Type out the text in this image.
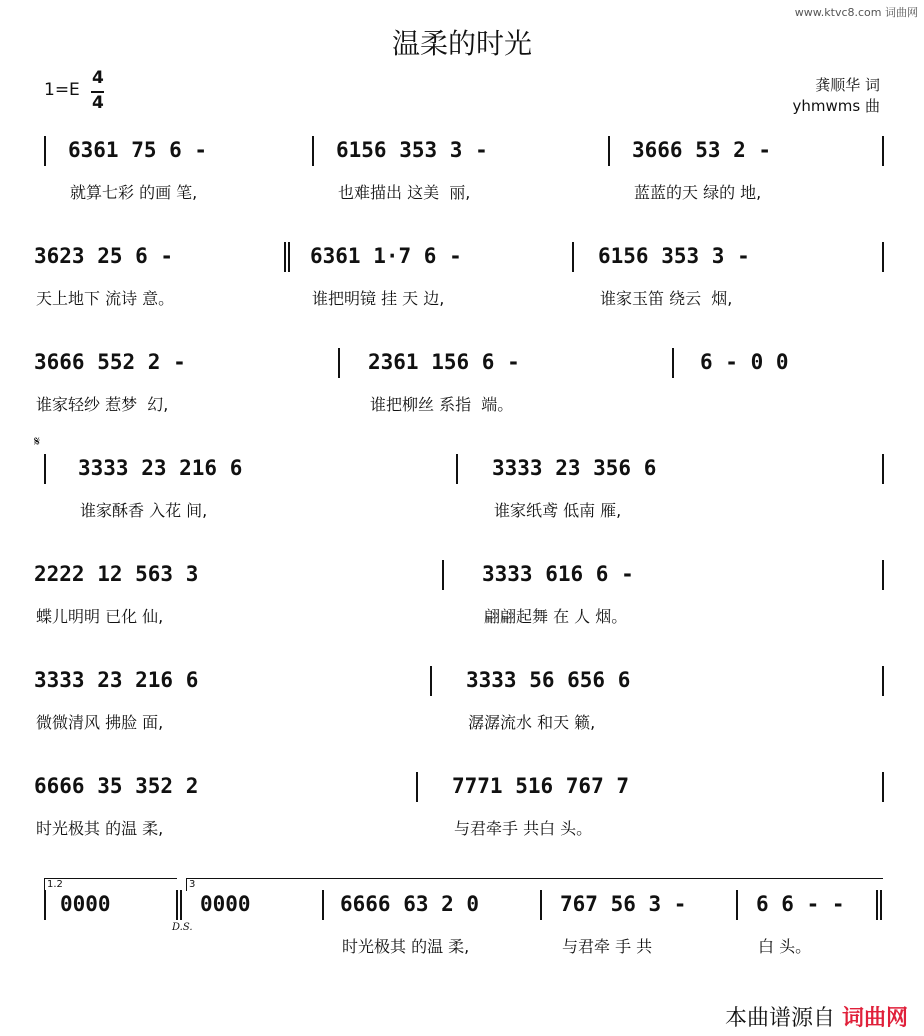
www.ktvc8.com 词曲网
温柔的时光
1=E
4
4
龚顺华 词
yhmwms 曲
𝄋
D.S.
1.2	3
6361 75 6 -
就算七彩 的画 笔,
6156 353 3 -
也难描出 这美  丽,
3666 53 2 -
蓝蓝的天 绿的 地,
3623 25 6 -
天上地下 流诗 意。
6361 1·7 6 -
谁把明镜 挂 天 边,
6156 353 3 -
谁家玉笛 绕云  烟,
3666 552 2 -
谁家轻纱 惹梦  幻,
2361 156 6 -
谁把柳丝 系指  端。
6 - 0 0
3333 23 216 6
谁家酥香 入花 间,
3333 23 356 6
谁家纸鸢 低南 雁,
2222 12 563 3
蝶儿明明 已化 仙,
3333 616 6 -
翩翩起舞 在 人 烟。
3333 23 216 6
微微清风 拂脸 面,
3333 56 656 6
潺潺流水 和天 籁,
6666 35 352 2
时光极其 的温 柔,
7771 516 767 7
与君牵手 共白 头。
0000	0000	6666 63 2 0
时光极其 的温 柔,
767 56 3 -
与君牵 手 共
6 6 - -
白 头。
本曲谱源自 词曲网
